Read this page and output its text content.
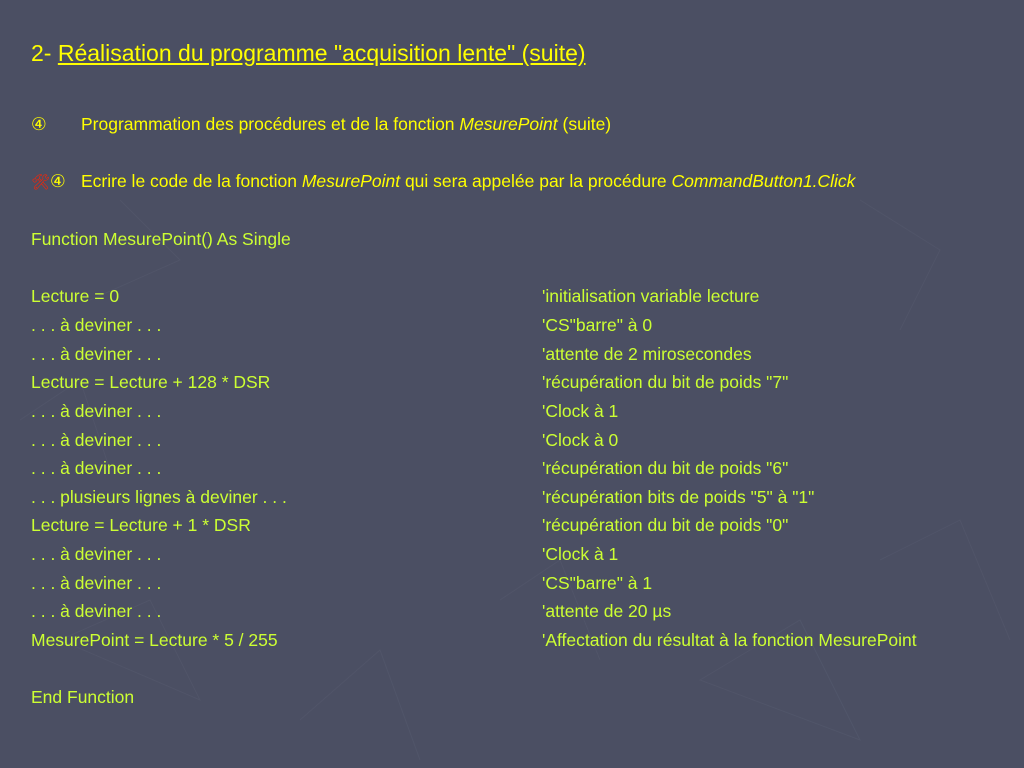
2- Réalisation du programme "acquisition lente" (suite)
④ Programmation des procédures et de la fonction MesurePoint (suite)
🛠④ Ecrire le code de la fonction MesurePoint qui sera appelée par la procédure CommandButton1.Click
Function MesurePoint() As Single
Lecture = 0	'initialisation variable lecture
. . . à deviner . . .	'CS"barre" à 0
. . . à deviner . . .	'attente de 2 mirosecondes
Lecture = Lecture + 128 * DSR	'récupération du bit de poids "7"
. . . à deviner . . .	'Clock à 1
. . . à deviner . . .	'Clock à 0
. . . à deviner . . .	'récupération du bit de poids "6"
. . . plusieurs lignes à deviner . . .	'récupération bits de poids "5" à "1"
Lecture = Lecture + 1 * DSR	'récupération du bit de poids "0"
. . . à deviner . . .	'Clock à 1
. . . à deviner . . .	'CS"barre" à 1
. . . à deviner . . .	'attente de 20 µs
MesurePoint = Lecture * 5 / 255	'Affectation du résultat à la fonction MesurePoint
End Function
